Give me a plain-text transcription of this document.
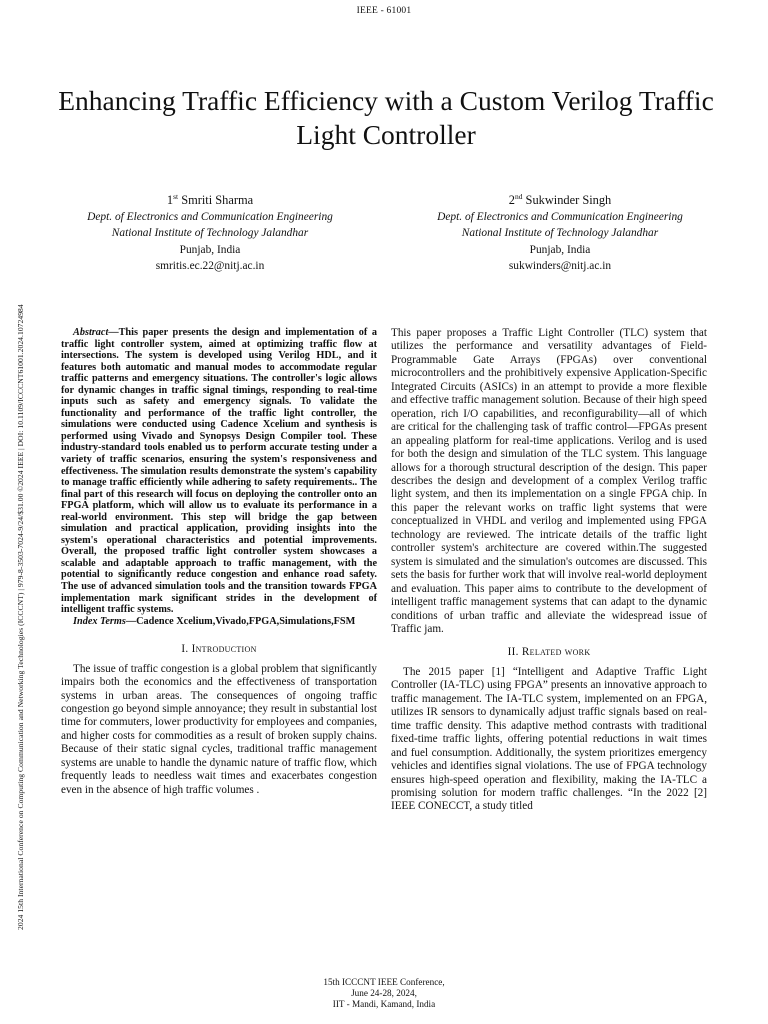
IEEE - 61001
2024 15th International Conference on Computing Communication and Networking Technologies (ICCCNT) | 979-8-3503-7024-9/24/$31.00 ©2024 IEEE | DOI: 10.1109/ICCCNT61001.2024.10724984
Enhancing Traffic Efficiency with a Custom Verilog Traffic Light Controller
1st Smriti Sharma
Dept. of Electronics and Communication Engineering
National Institute of Technology Jalandhar
Punjab, India
smritis.ec.22@nitj.ac.in
2nd Sukwinder Singh
Dept. of Electronics and Communication Engineering
National Institute of Technology Jalandhar
Punjab, India
sukwinders@nitj.ac.in

Abstract—This paper presents the design and implementation of a traffic light controller system, aimed at optimizing traffic flow at intersections. The system is developed using Verilog HDL, and it features both automatic and manual modes to accommodate regular traffic patterns and emergency situations. The controller's logic allows for dynamic changes in traffic signal timings, responding to real-time inputs such as safety and emergency signals. To validate the functionality and performance of the traffic light controller, the simulations were conducted using Cadence Xcelium and synthesis is performed using Vivado and Synopsys Design Compiler tool. These industry-standard tools enabled us to perform accurate testing under a variety of traffic scenarios, ensuring the system's responsiveness and effectiveness. The simulation results demonstrate the system's capability to manage traffic efficiently while adhering to safety requirements.. The final part of this research will focus on deploying the controller onto an FPGA platform, which will allow us to evaluate its performance in a real-world environment. This step will bridge the gap between simulation and practical application, providing insights into the system's operational characteristics and potential improvements. Overall, the proposed traffic light controller system showcases a scalable and adaptable approach to traffic management, with the potential to significantly reduce congestion and enhance road safety. The use of advanced simulation tools and the transition towards FPGA implementation mark significant strides in the development of intelligent traffic systems.

Index Terms—Cadence Xcelium,Vivado,FPGA,Simulations,FSM

I. Introduction

The issue of traffic congestion is a global problem that significantly impairs both the economics and the effectiveness of transportation systems in urban areas. The consequences of ongoing traffic congestion go beyond simple annoyance; they result in substantial lost time for commuters, lower productivity for employees and companies, and higher costs for commodities as a result of broken supply chains. Because of their static signal cycles, traditional traffic management systems are unable to handle the dynamic nature of traffic flow, which frequently leads to needless wait times and exacerbates congestion even in the absence of high traffic volumes .

This paper proposes a Traffic Light Controller (TLC) system that utilizes the performance and versatility advantages of Field-Programmable Gate Arrays (FPGAs) over conventional microcontrollers and the prohibitively expensive Application-Specific Integrated Circuits (ASICs) in an attempt to provide a more flexible and effective traffic management solution. Because of their high speed operation, rich I/O capabilities, and reconfigurability—all of which are critical for the challenging task of traffic control—FPGAs present an appealing platform for real-time applications. Verilog and is used for both the design and simulation of the TLC system. This language allows for a thorough structural description of the design. This paper describes the design and development of a complex Verilog traffic light system, and then its implementation on a single FPGA chip. In this paper the relevant works on traffic light systems that were conceptualized in VHDL and verilog and implemented using FPGA technology are reviewed. The intricate details of the traffic light controller system's architecture are covered within.The suggested system is simulated and the simulation's outcomes are discussed. This sets the basis for further work that will involve real-world deployment and evaluation. This paper aims to contribute to the development of intelligent traffic management systems that can adapt to the dynamic conditions of urban traffic and alleviate the widespread issue of Traffic jam.

II. Related work

The 2015 paper [1] “Intelligent and Adaptive Traffic Light Controller (IA-TLC) using FPGA” presents an innovative approach to traffic management. The IA-TLC system, implemented on an FPGA, utilizes IR sensors to dynamically adjust traffic signals based on real-time traffic density. This adaptive method contrasts with traditional fixed-time traffic lights, offering potential reductions in wait times and fuel consumption. Additionally, the system prioritizes emergency vehicles and identifies signal violations. The use of FPGA technology ensures high-speed operation and flexibility, making the IA-TLC a promising solution for modern traffic challenges. “In the 2022 [2] IEEE CONECCT, a study titled

15th ICCCNT IEEE Conference,
June 24-28, 2024,
IIT - Mandi, Kamand, India
